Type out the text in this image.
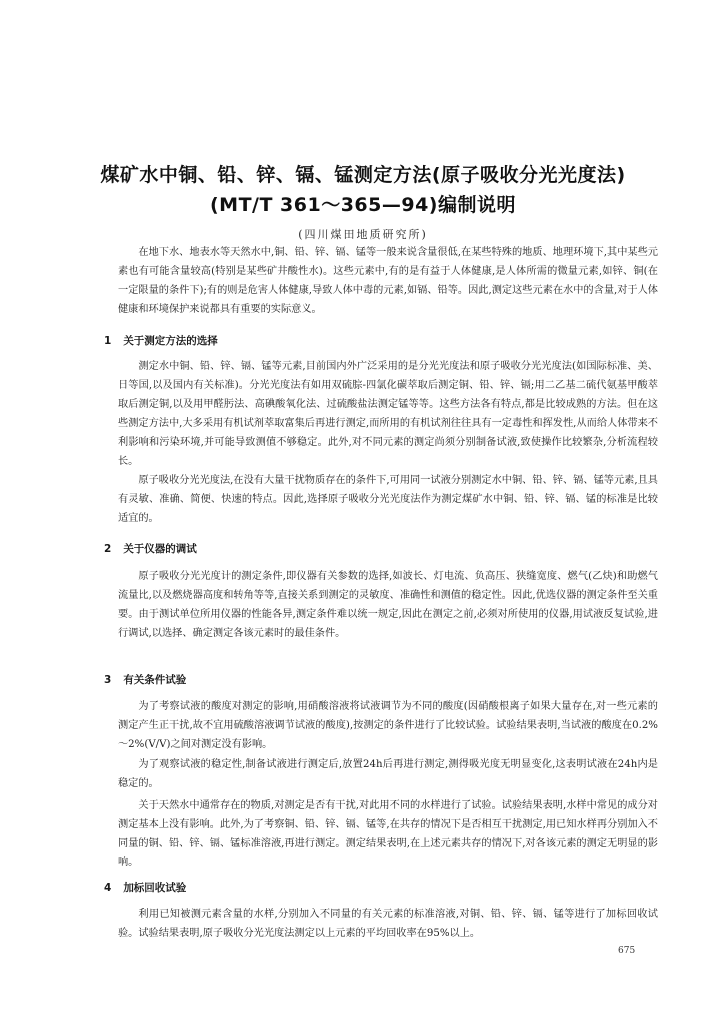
煤矿水中铜、铅、锌、镉、锰测定方法(原子吸收分光光度法)
(MT/T 361～365—94)编制说明
(四川煤田地质研究所)

在地下水、地表水等天然水中,铜、铅、锌、镉、锰等一般来说含量很低,在某些特殊的地质、地理环境下,其中某些元素也有可能含量较高(特别是某些矿井酸性水)。这些元素中,有的是有益于人体健康,是人体所需的微量元素,如锌、铜(在一定限量的条件下);有的则是危害人体健康,导致人体中毒的元素,如镉、铅等。因此,测定这些元素在水中的含量,对于人体健康和环境保护来说都具有重要的实际意义。

1 关于测定方法的选择

测定水中铜、铅、锌、镉、锰等元素,目前国内外广泛采用的是分光光度法和原子吸收分光光度法(如国际标准、美、日等国,以及国内有关标准)。分光光度法有如用双硫腙-四氯化碳萃取后测定铜、铅、锌、镉;用二乙基二硫代氨基甲酸萃取后测定铜,以及用甲醛肟法、高碘酸氧化法、过硫酸盐法测定锰等等。这些方法各有特点,都是比较成熟的方法。但在这些测定方法中,大多采用有机试剂萃取富集后再进行测定,而所用的有机试剂往往具有一定毒性和挥发性,从而给人体带来不利影响和污染环境,并可能导致测值不够稳定。此外,对不同元素的测定尚须分别制备试液,致使操作比较繁杂,分析流程较长。

原子吸收分光光度法,在没有大量干扰物质存在的条件下,可用同一试液分别测定水中铜、铅、锌、镉、锰等元素,且具有灵敏、准确、简便、快速的特点。因此,选择原子吸收分光光度法作为测定煤矿水中铜、铅、锌、镉、锰的标准是比较适宜的。

2 关于仪器的调试

原子吸收分光光度计的测定条件,即仪器有关参数的选择,如波长、灯电流、负高压、狭缝宽度、燃气(乙炔)和助燃气流量比,以及燃烧器高度和转角等等,直接关系到测定的灵敏度、准确性和测值的稳定性。因此,优选仪器的测定条件至关重要。由于测试单位所用仪器的性能各异,测定条件难以统一规定,因此在测定之前,必须对所使用的仪器,用试液反复试验,进行调试,以选择、确定测定各该元素时的最佳条件。

3 有关条件试验

为了考察试液的酸度对测定的影响,用硝酸溶液将试液调节为不同的酸度(因硝酸根离子如果大量存在,对一些元素的测定产生正干扰,故不宜用硫酸溶液调节试液的酸度),按测定的条件进行了比较试验。试验结果表明,当试液的酸度在0.2%～2%(V/V)之间对测定没有影响。

为了观察试液的稳定性,制备试液进行测定后,放置24h后再进行测定,测得吸光度无明显变化,这表明试液在24h内是稳定的。

关于天然水中通常存在的物质,对测定是否有干扰,对此用不同的水样进行了试验。试验结果表明,水样中常见的成分对测定基本上没有影响。此外,为了考察铜、铅、锌、镉、锰等,在共存的情况下是否相互干扰测定,用已知水样再分别加入不同量的铜、铅、锌、镉、锰标准溶液,再进行测定。测定结果表明,在上述元素共存的情况下,对各该元素的测定无明显的影响。

4 加标回收试验

利用已知被测元素含量的水样,分别加入不同量的有关元素的标准溶液,对铜、铅、锌、镉、锰等进行了加标回收试验。试验结果表明,原子吸收分光光度法测定以上元素的平均回收率在95%以上。

675
